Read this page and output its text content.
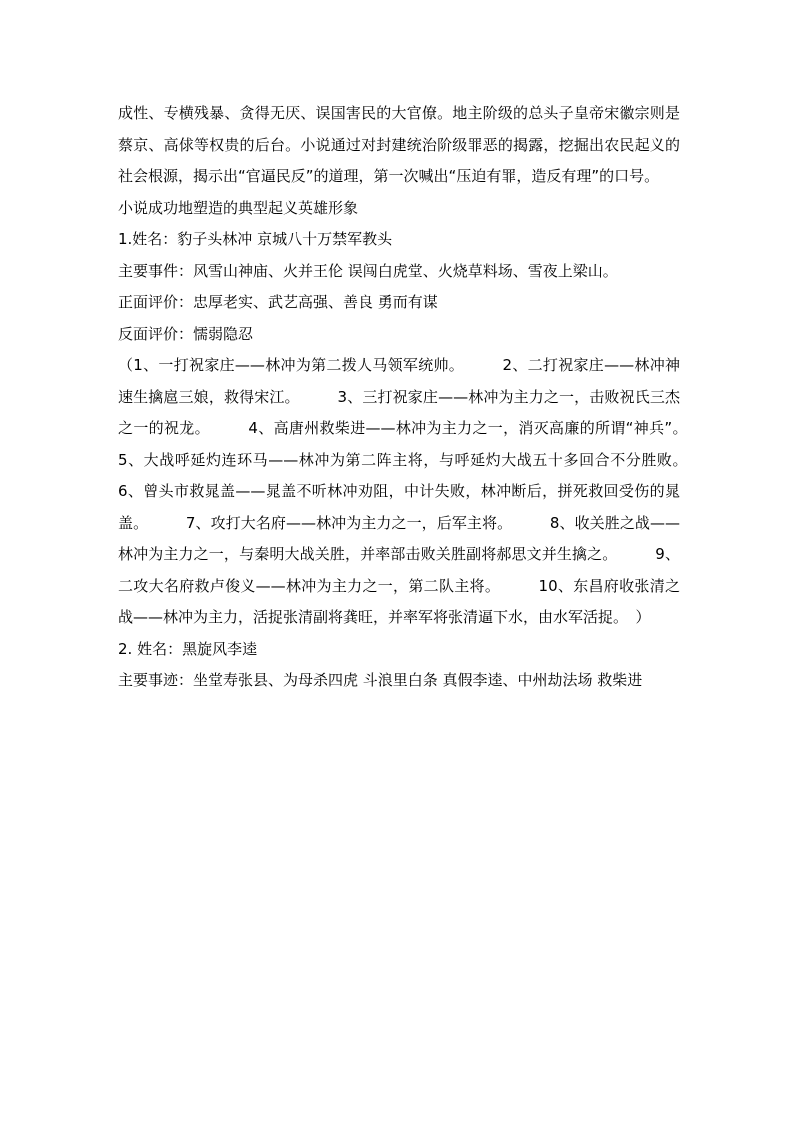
成性、专横残暴、贪得无厌、误国害民的大官僚。地主阶级的总头子皇帝宋徽宗则是蔡京、高俅等权贵的后台。小说通过对封建统治阶级罪恶的揭露，挖掘出农民起义的社会根源，揭示出“官逼民反”的道理，第一次喊出“压迫有罪，造反有理”的口号。

小说成功地塑造的典型起义英雄形象

1.姓名：豹子头林冲 京城八十万禁军教头

主要事件：风雪山神庙、火并王伦 误闯白虎堂、火烧草料场、雪夜上梁山。

正面评价：忠厚老实、武艺高强、善良 勇而有谋

反面评价：懦弱隐忍

（1、一打祝家庄——林冲为第二拨人马领军统帅。　　　2、二打祝家庄——林冲神速生擒扈三娘，救得宋江。　　　3、三打祝家庄——林冲为主力之一，击败祝氏三杰之一的祝龙。　　　4、高唐州救柴进——林冲为主力之一，消灭高廉的所谓“神兵”。　　　5、大战呼延灼连环马——林冲为第二阵主将，与呼延灼大战五十多回合不分胜败。　　　6、曾头市救晁盖——晁盖不听林冲劝阻，中计失败，林冲断后，拼死救回受伤的晁盖。　　　7、攻打大名府——林冲为主力之一，后军主将。　　　8、收关胜之战——林冲为主力之一，与秦明大战关胜，并率部击败关胜副将郝思文并生擒之。　　　9、二攻大名府救卢俊义——林冲为主力之一，第二队主将。　　　10、东昌府收张清之战——林冲为主力，活捉张清副将龚旺，并率军将张清逼下水，由水军活捉。　）

2. 姓名：黑旋风李逵

主要事迹：坐堂寿张县、为母杀四虎 斗浪里白条 真假李逵、中州劫法场 救柴进
